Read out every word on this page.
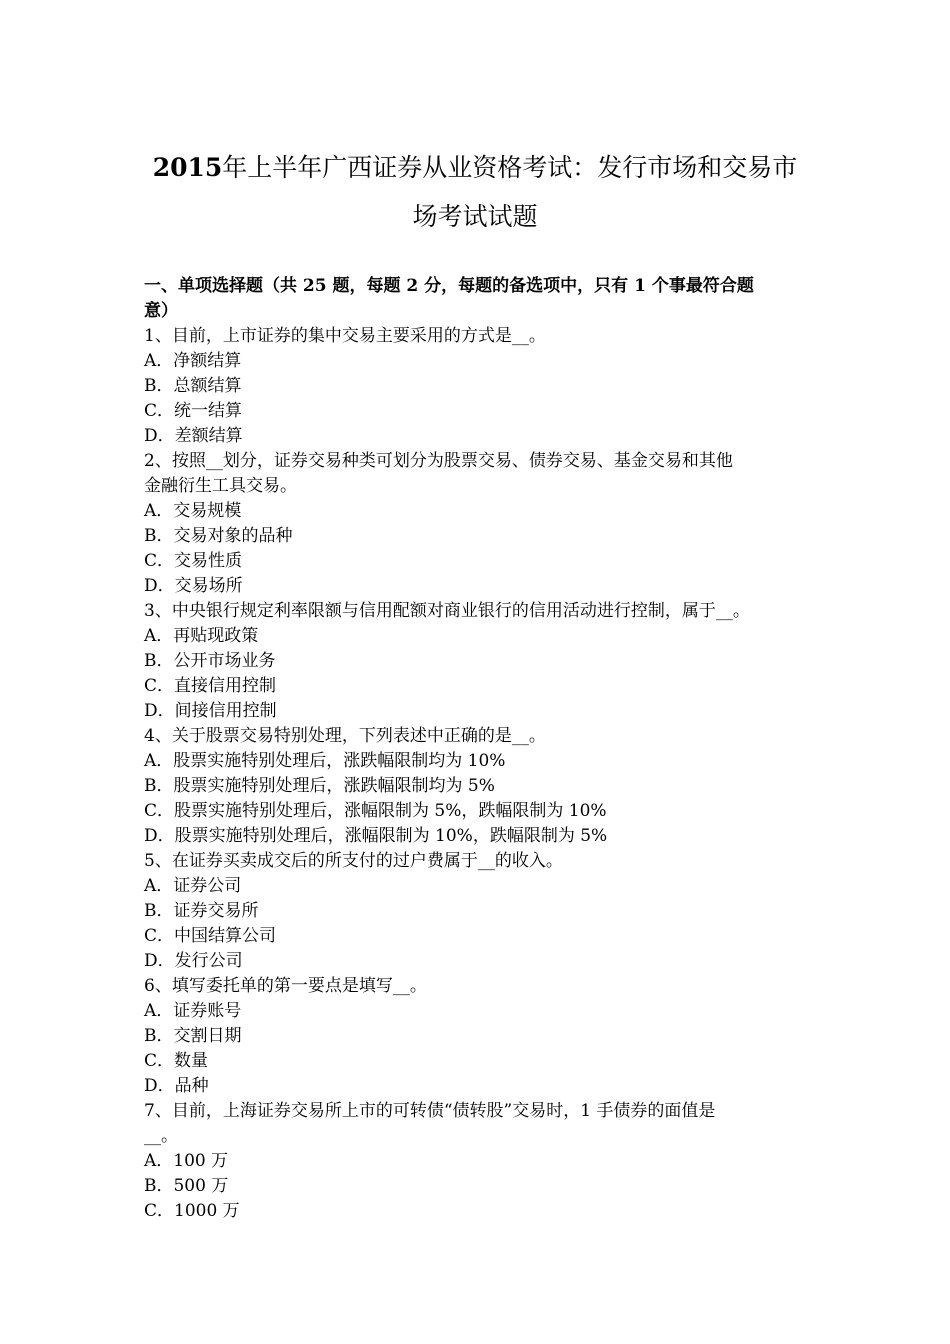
2015年上半年广西证券从业资格考试：发行市场和交易市
场考试试题
一、单项选择题（共 25 题，每题 2 分，每题的备选项中，只有 1 个事最符合题
意）
1、目前，上市证券的集中交易主要采用的方式是__。
A．净额结算
B．总额结算
C．统一结算
D．差额结算
2、按照__划分，证券交易种类可划分为股票交易、债券交易、基金交易和其他
金融衍生工具交易。
A．交易规模
B．交易对象的品种
C．交易性质
D．交易场所
3、中央银行规定利率限额与信用配额对商业银行的信用活动进行控制，属于__。
A．再贴现政策
B．公开市场业务
C．直接信用控制
D．间接信用控制
4、关于股票交易特别处理，下列表述中正确的是__。
A．股票实施特别处理后，涨跌幅限制均为 10%
B．股票实施特别处理后，涨跌幅限制均为 5%
C．股票实施特别处理后，涨幅限制为 5%，跌幅限制为 10%
D．股票实施特别处理后，涨幅限制为 10%，跌幅限制为 5%
5、在证券买卖成交后的所支付的过户费属于__的收入。
A．证券公司
B．证券交易所
C．中国结算公司
D．发行公司
6、填写委托单的第一要点是填写__。
A．证券账号
B．交割日期
C．数量
D．品种
7、目前，上海证券交易所上市的可转债“债转股”交易时，1 手债券的面值是
__。
A．100 万
B．500 万
C．1000 万
